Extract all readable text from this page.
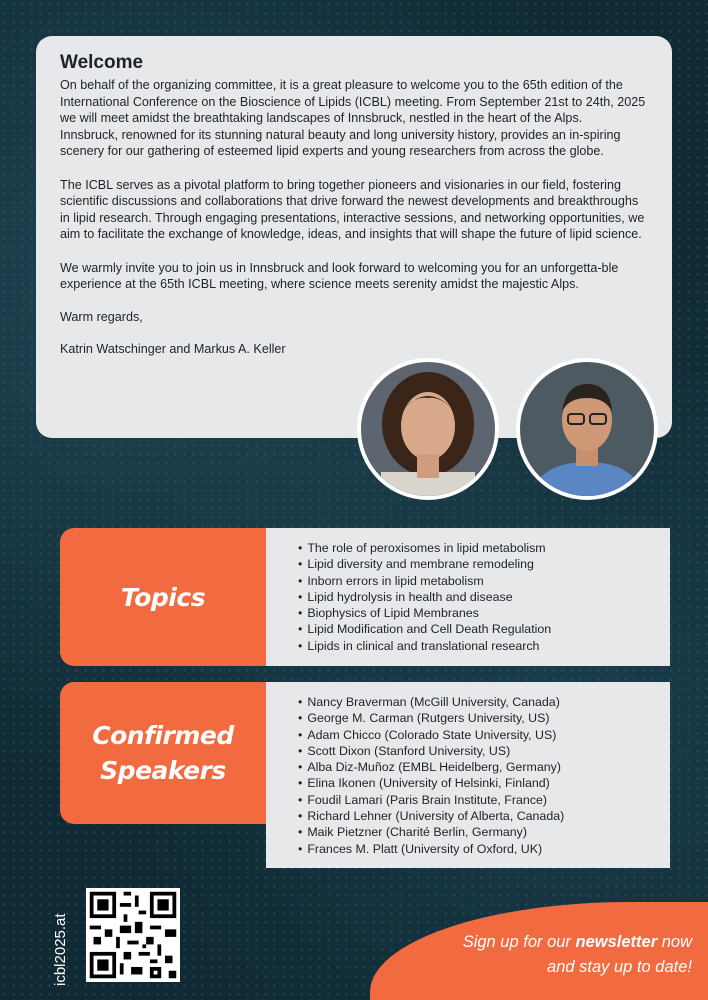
Welcome

On behalf of the organizing committee, it is a great pleasure to welcome you to the 65th edition of the International Conference on the Bioscience of Lipids (ICBL) meeting. From September 21st to 24th, 2025 we will meet amidst the breathtaking landscapes of Innsbruck, nestled in the heart of the Alps.

Innsbruck, renowned for its stunning natural beauty and long university history, provides an in-spiring scenery for our gathering of esteemed lipid experts and young researchers from across the globe.

The ICBL serves as a pivotal platform to bring together pioneers and visionaries in our field, fostering scientific discussions and collaborations that drive forward the newest developments and breakthroughs in lipid research. Through engaging presentations, interactive sessions, and networking opportunities, we aim to facilitate the exchange of knowledge, ideas, and insights that will shape the future of lipid science.

We warmly invite you to join us in Innsbruck and look forward to welcoming you for an unforgetta-ble experience at the 65th ICBL meeting, where science meets serenity amidst the majestic Alps.

Warm regards,

Katrin Watschinger and Markus A. Keller

Topics
• The role of peroxisomes in lipid metabolism
• Lipid diversity and membrane remodeling
• Inborn errors in lipid metabolism
• Lipid hydrolysis in health and disease
• Biophysics of Lipid Membranes
• Lipid Modification and Cell Death Regulation
• Lipids in clinical and translational research
Confirmed
Speakers
• Nancy Braverman (McGill University, Canada)
• George M. Carman (Rutgers University, US)
• Adam Chicco (Colorado State University, US)
• Scott Dixon (Stanford University, US)
• Alba Diz-Muñoz (EMBL Heidelberg, Germany)
• Elina Ikonen (University of Helsinki, Finland)
• Foudil Lamari (Paris Brain Institute, France)
• Richard Lehner (University of Alberta, Canada)
• Maik Pietzner (Charité Berlin, Germany)
• Frances M. Platt (University of Oxford, UK)
icbl2025.at	Sign up for our newsletter now
and stay up to date!
